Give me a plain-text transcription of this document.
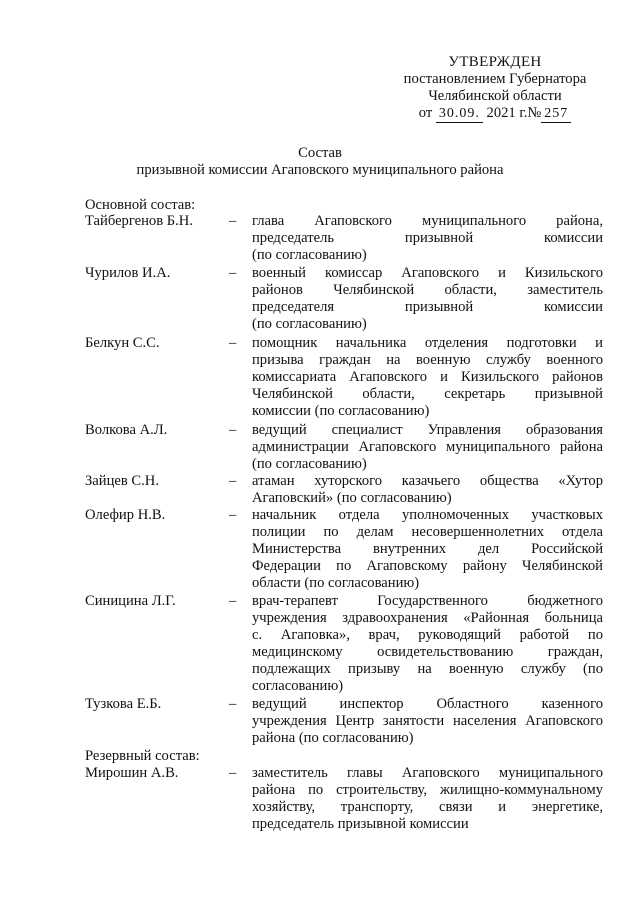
УТВЕРЖДЕН
постановлением Губернатора
Челябинской области
от 30.09. 2021 г.№ 257
Состав
призывной комиссии Агаповского муниципального района
Основной состав:
Тайбергенов Б.Н.	– глава Агаповского муниципального района,
председатель призывной комиссии
(по согласованию)
Чурилов И.А.	– военный комиссар Агаповского и Кизильского
районов Челябинской области, заместитель
председателя призывной комиссии
(по согласованию)
Белкун С.С.	– помощник начальника отделения подготовки и
призыва граждан на военную службу военного
комиссариата Агаповского и Кизильского районов
Челябинской области, секретарь призывной
комиссии (по согласованию)
Волкова А.Л.	– ведущий специалист Управления образования
администрации Агаповского муниципального района
(по согласованию)
Зайцев С.Н.	– атаман хуторского казачьего общества «Хутор
Агаповский» (по согласованию)
Олефир Н.В.	– начальник отдела уполномоченных участковых
полиции по делам несовершеннолетних отдела
Министерства внутренних дел Российской
Федерации по Агаповскому району Челябинской
области (по согласованию)
Синицина Л.Г.	– врач-терапевт Государственного бюджетного
учреждения здравоохранения «Районная больница
с. Агаповка», врач, руководящий работой по
медицинскому освидетельствованию граждан,
подлежащих призыву на военную службу (по
согласованию)
Тузкова Е.Б.	– ведущий инспектор Областного казенного
учреждения Центр занятости населения Агаповского
района (по согласованию)
Резервный состав:
Мирошин А.В.	– заместитель главы Агаповского муниципального
района по строительству, жилищно-коммунальному
хозяйству, транспорту, связи и энергетике,
председатель призывной комиссии
